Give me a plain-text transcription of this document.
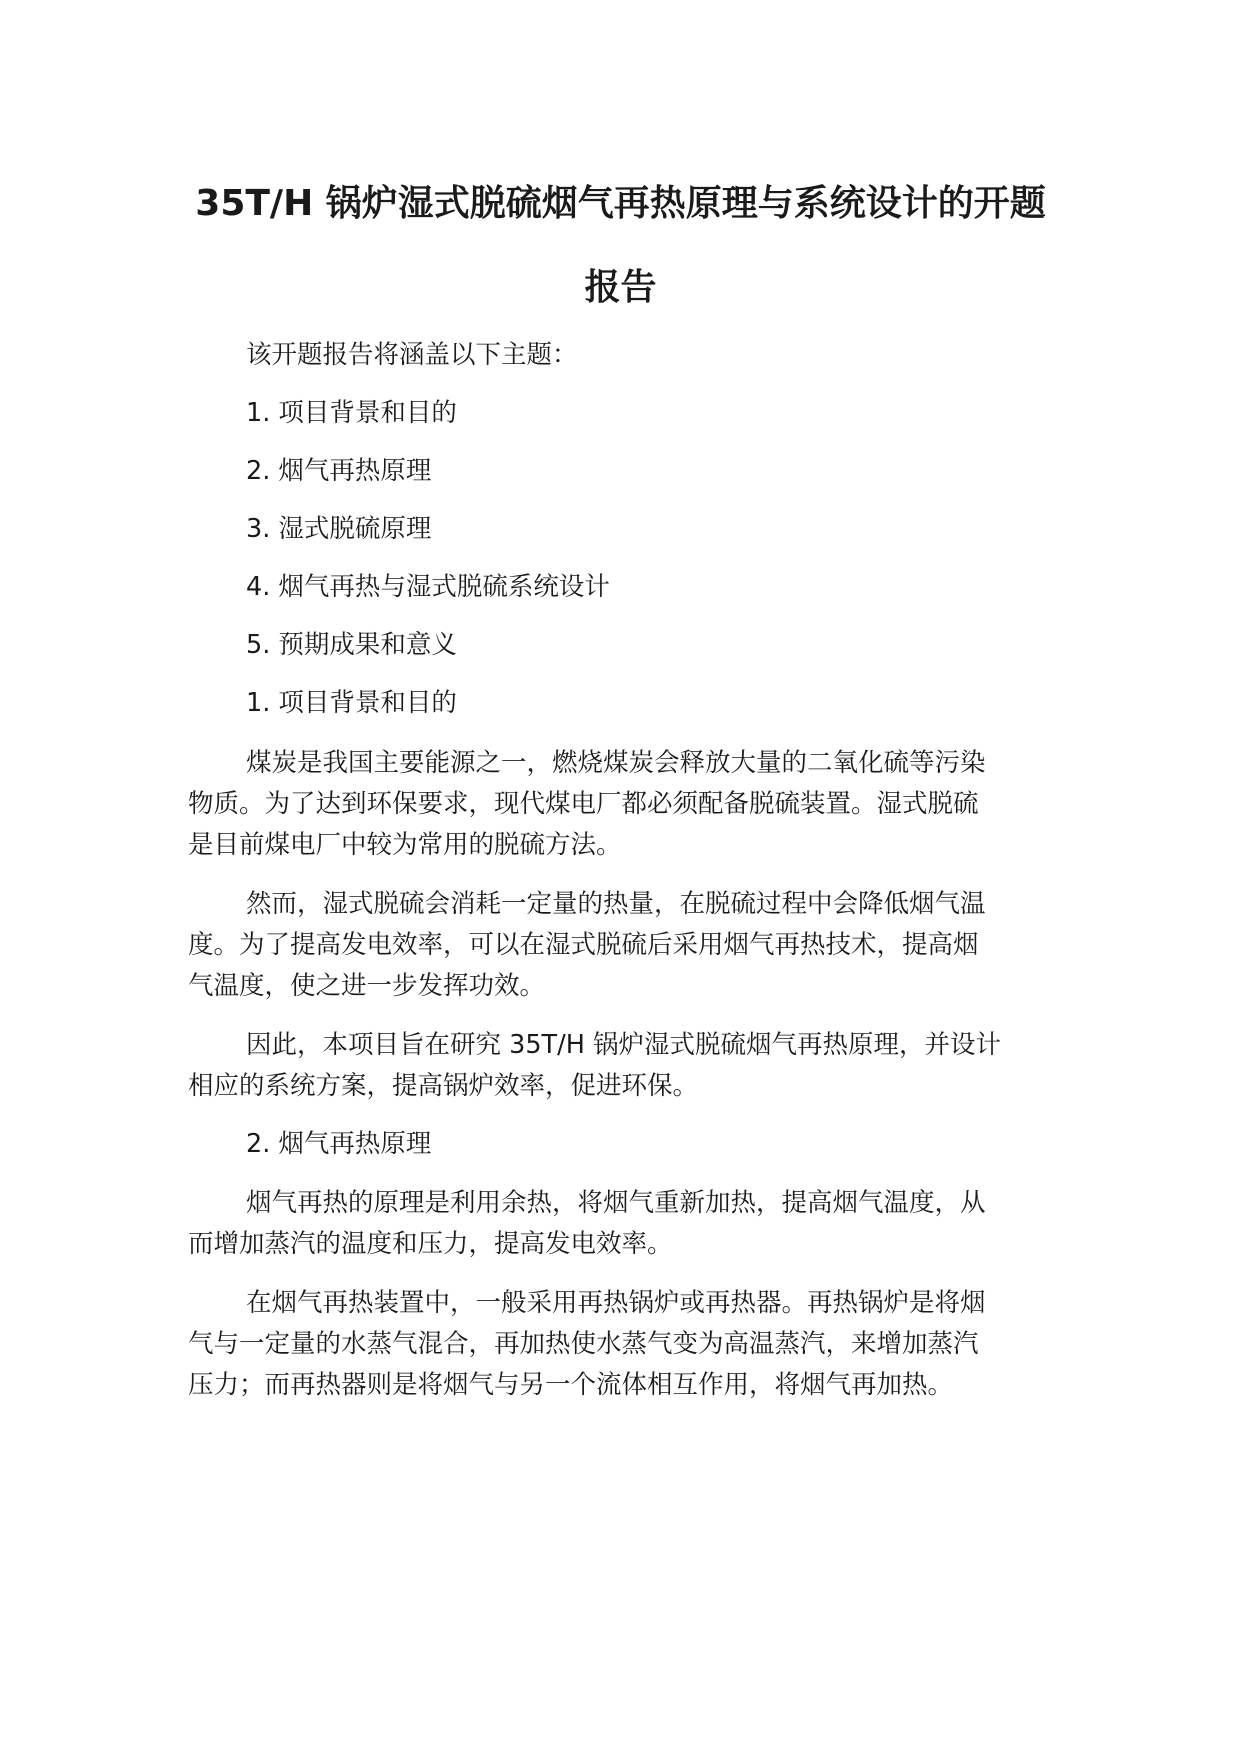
35T/H 锅炉湿式脱硫烟气再热原理与系统设计的开题
报告

该开题报告将涵盖以下主题：

1. 项目背景和目的

2. 烟气再热原理

3. 湿式脱硫原理

4. 烟气再热与湿式脱硫系统设计

5. 预期成果和意义

1. 项目背景和目的

煤炭是我国主要能源之一，燃烧煤炭会释放大量的二氧化硫等污染

物质。为了达到环保要求，现代煤电厂都必须配备脱硫装置。湿式脱硫

是目前煤电厂中较为常用的脱硫方法。

然而，湿式脱硫会消耗一定量的热量，在脱硫过程中会降低烟气温

度。为了提高发电效率，可以在湿式脱硫后采用烟气再热技术，提高烟

气温度，使之进一步发挥功效。

因此，本项目旨在研究 35T/H 锅炉湿式脱硫烟气再热原理，并设计

相应的系统方案，提高锅炉效率，促进环保。

2. 烟气再热原理

烟气再热的原理是利用余热，将烟气重新加热，提高烟气温度，从

而增加蒸汽的温度和压力，提高发电效率。

在烟气再热装置中，一般采用再热锅炉或再热器。再热锅炉是将烟

气与一定量的水蒸气混合，再加热使水蒸气变为高温蒸汽，来增加蒸汽

压力；而再热器则是将烟气与另一个流体相互作用，将烟气再加热。
